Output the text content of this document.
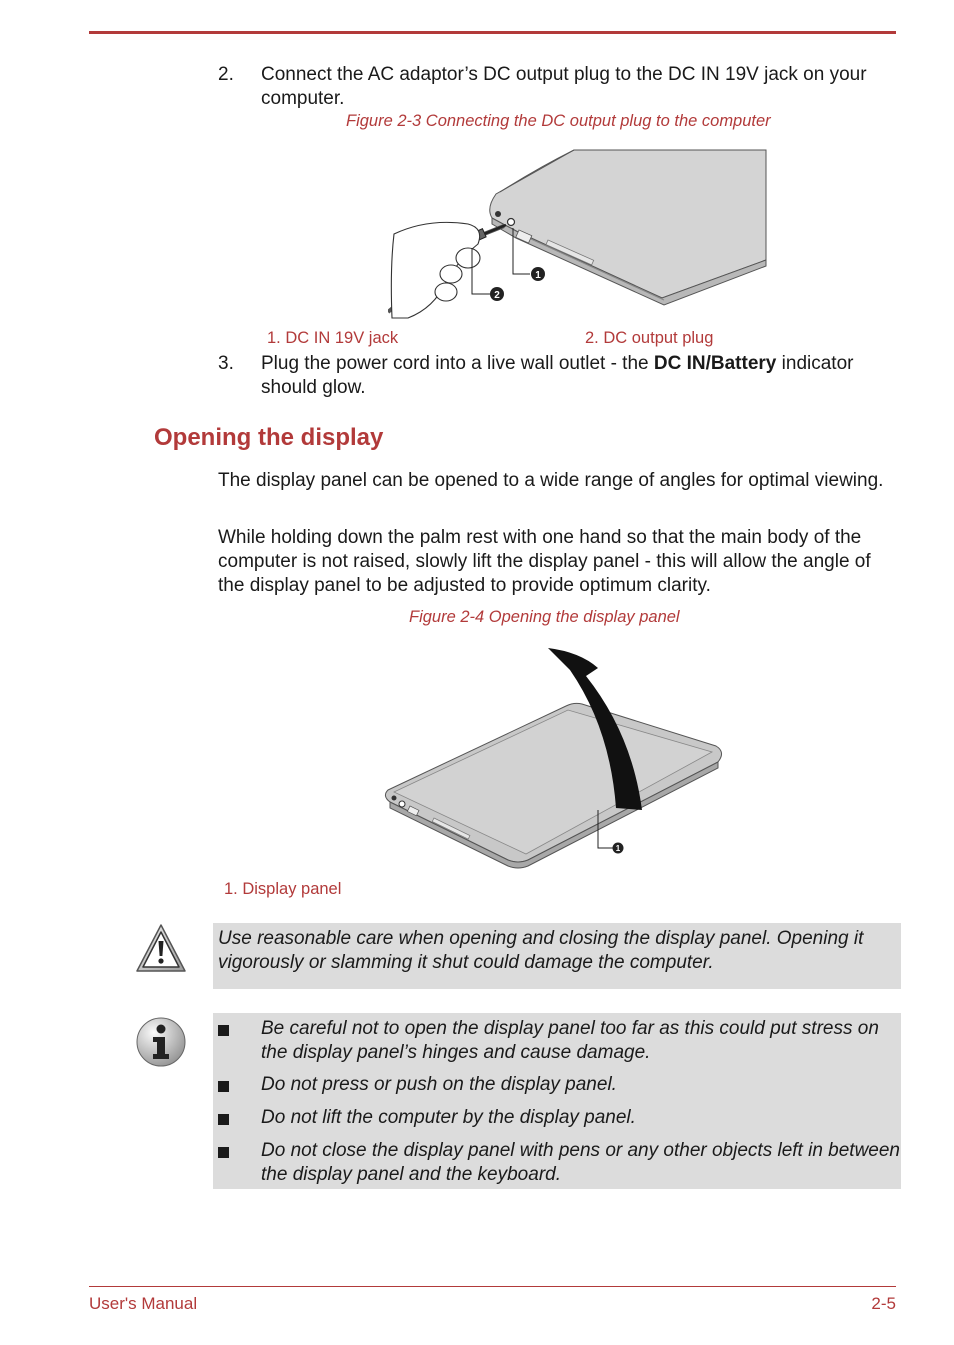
2. Connect the AC adaptor’s DC output plug to the DC IN 19V jack on your computer.
Figure 2-3 Connecting the DC output plug to the computer
1
2
1. DC IN 19V jack	2. DC output plug
3. Plug the power cord into a live wall outlet - the DC IN/Battery indicator should glow.
Opening the display
The display panel can be opened to a wide range of angles for optimal viewing.
While holding down the palm rest with one hand so that the main body of the computer is not raised, slowly lift the display panel - this will allow the angle of the display panel to be adjusted to provide optimum clarity.
Figure 2-4 Opening the display panel
1
1. Display panel
Use reasonable care when opening and closing the display panel. Opening it vigorously or slamming it shut could damage the computer.
Be careful not to open the display panel too far as this could put stress on the display panel’s hinges and cause damage.
Do not press or push on the display panel.
Do not lift the computer by the display panel.
Do not close the display panel with pens or any other objects left in between the display panel and the keyboard.
User's Manual	2-5
